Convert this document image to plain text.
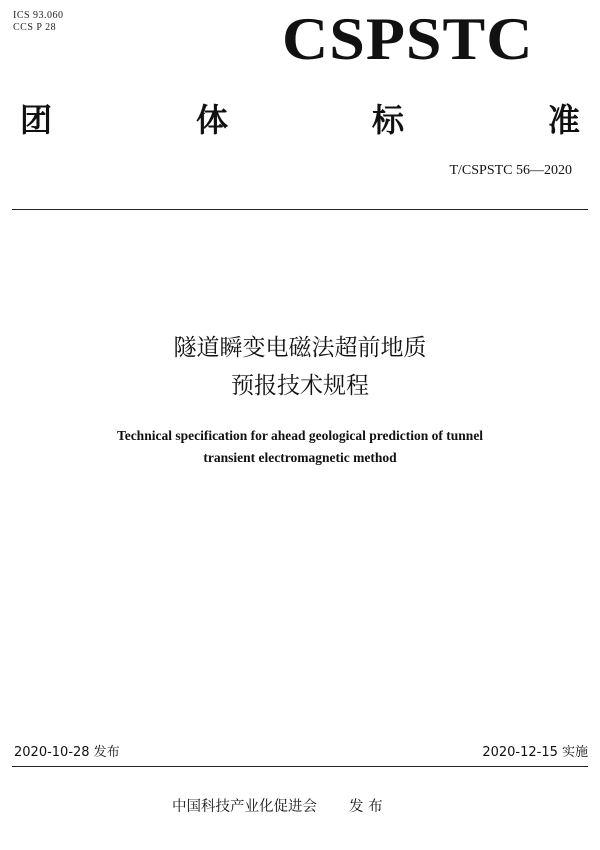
ICS 93.060
CCS P 28	CSPSTC
团	体	标	准
T/CSPSTC 56—2020
隧道瞬变电磁法超前地质
预报技术规程
Technical specification for ahead geological prediction of tunnel
transient electromagnetic method
2020-10-28 发布	2020-12-15 实施
中国科技产业化促进会 发 布
